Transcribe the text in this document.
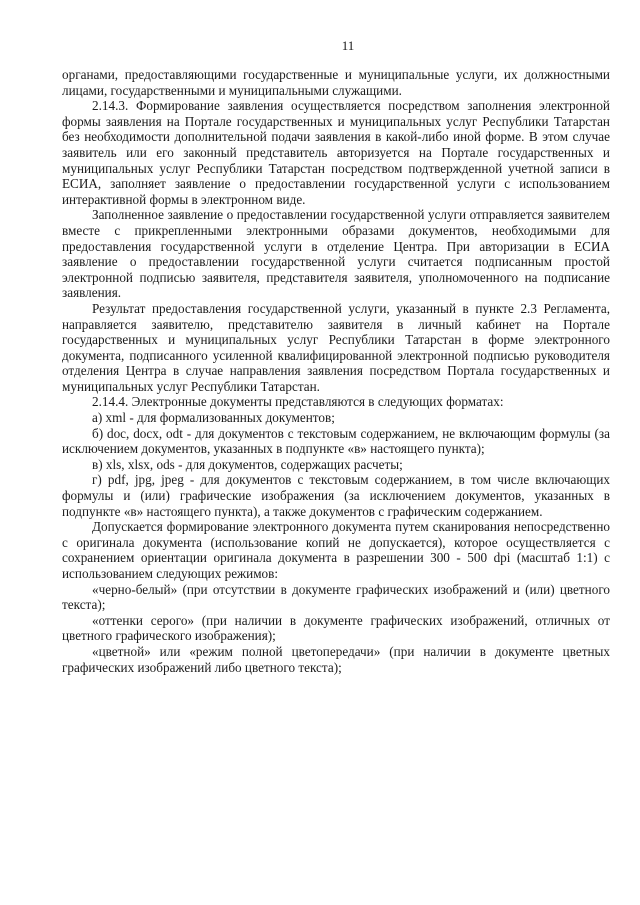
11

органами, предоставляющими государственные и муниципальные услуги, их должностными лицами, государственными и муниципальными служащими.

2.14.3. Формирование заявления осуществляется посредством заполнения электронной формы заявления на Портале государственных и муниципальных услуг Республики Татарстан без необходимости дополнительной подачи заявления в какой-либо иной форме. В этом случае заявитель или его законный представитель авторизуется на Портале государственных и муниципальных услуг Республики Татарстан посредством подтвержденной учетной записи в ЕСИА, заполняет заявление о предоставлении государственной услуги с использованием интерактивной формы в электронном виде.

Заполненное заявление о предоставлении государственной услуги отправляется заявителем вместе с прикрепленными электронными образами документов, необходимыми для предоставления государственной услуги в отделение Центра. При авторизации в ЕСИА заявление о предоставлении государственной услуги считается подписанным простой электронной подписью заявителя, представителя заявителя, уполномоченного на подписание заявления.

Результат предоставления государственной услуги, указанный в пункте 2.3 Регламента, направляется заявителю, представителю заявителя в личный кабинет на Портале государственных и муниципальных услуг Республики Татарстан в форме электронного документа, подписанного усиленной квалифицированной электронной подписью руководителя отделения Центра в случае направления заявления посредством Портала государственных и муниципальных услуг Республики Татарстан.

2.14.4. Электронные документы представляются в следующих форматах:

а) xml - для формализованных документов;

б) doc, docx, odt - для документов с текстовым содержанием, не включающим формулы (за исключением документов, указанных в подпункте «в» настоящего пункта);

в) xls, xlsx, ods - для документов, содержащих расчеты;

г) pdf, jpg, jpeg - для документов с текстовым содержанием, в том числе включающих формулы и (или) графические изображения (за исключением документов, указанных в подпункте «в» настоящего пункта), а также документов с графическим содержанием.

Допускается формирование электронного документа путем сканирования непосредственно с оригинала документа (использование копий не допускается), которое осуществляется с сохранением ориентации оригинала документа в разрешении 300 - 500 dpi (масштаб 1:1) с использованием следующих режимов:

«черно-белый» (при отсутствии в документе графических изображений и (или) цветного текста);

«оттенки серого» (при наличии в документе графических изображений, отличных от цветного графического изображения);

«цветной» или «режим полной цветопередачи» (при наличии в документе цветных графических изображений либо цветного текста);
